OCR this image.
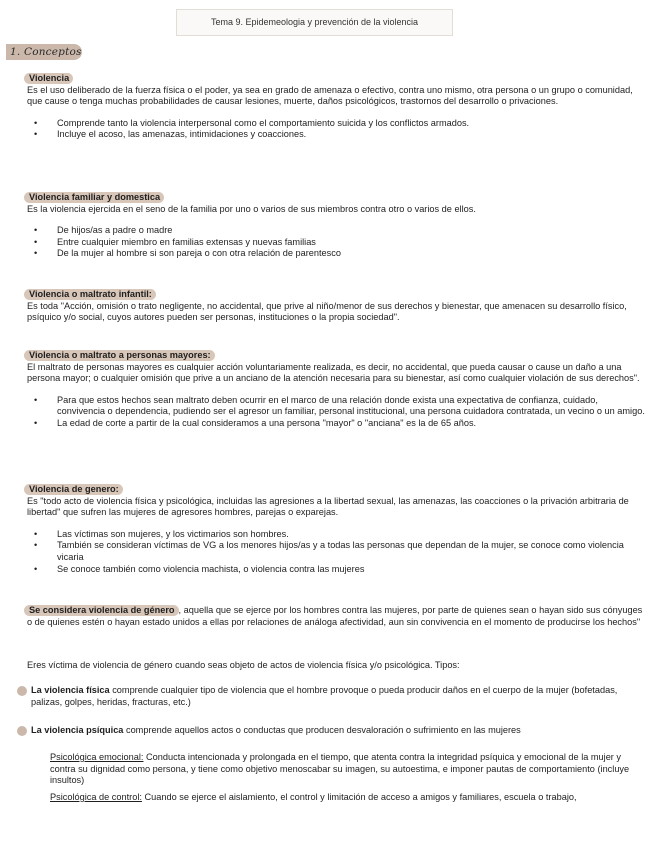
Tema 9. Epidemeologia y prevención de la violencia
1. Conceptos
Violencia

Es el uso deliberado de la fuerza física o el poder, ya sea en grado de amenaza o efectivo, contra uno mismo, otra persona o un grupo o comunidad, que cause o tenga muchas probabilidades de causar lesiones, muerte, daños psicológicos, trastornos del desarrollo o privaciones.

• Comprende tanto la violencia interpersonal como el comportamiento suicida y los conflictos armados.
• Incluye el acoso, las amenazas, intimidaciones y coacciones.
Violencia familiar y domestica

Es la violencia ejercida en el seno de la familia por uno o varios de sus miembros contra otro o varios de ellos.

• De hijos/as a padre o madre
• Entre cualquier miembro en familias extensas y nuevas familias
• De la mujer al hombre si son pareja o con otra relación de parentesco
Violencia o maltrato infantil:

Es toda "Acción, omisión o trato negligente, no accidental, que prive al niño/menor de sus derechos y bienestar, que amenacen su desarrollo físico, psíquico y/o social, cuyos autores pueden ser personas, instituciones o la propia sociedad".

Violencia o maltrato a personas mayores:

El maltrato de personas mayores es cualquier acción voluntariamente realizada, es decir, no accidental, que pueda causar o cause un daño a una persona mayor; o cualquier omisión que prive a un anciano de la atención necesaria para su bienestar, así como cualquier violación de sus derechos".

• Para que estos hechos sean maltrato deben ocurrir en el marco de una relación donde exista una expectativa de confianza, cuidado, convivencia o dependencia, pudiendo ser el agresor un familiar, personal institucional, una persona cuidadora contratada, un vecino o un amigo.
• La edad de corte a partir de la cual consideramos a una persona "mayor" o "anciana" es la de 65 años.
Violencia de genero:

Es "todo acto de violencia física y psicológica, incluidas las agresiones a la libertad sexual, las amenazas, las coacciones o la privación arbitraria de libertad" que sufren las mujeres de agresores hombres, parejas o exparejas.

• Las víctimas son mujeres, y los victimarios son hombres.
• También se consideran víctimas de VG a los menores hijos/as y a todas las personas que dependan de la mujer, se conoce como violencia vicaria
• Se conoce también como violencia machista, o violencia contra las mujeres

Se considera violencia de género , aquella que se ejerce por los hombres contra las mujeres, por parte de quienes sean o hayan sido sus cónyuges o de quienes estén o hayan estado unidos a ellas por relaciones de análoga afectividad, aun sin convivencia en el momento de producirse los hechos"

Eres víctima de violencia de género cuando seas objeto de actos de violencia física y/o psicológica. Tipos:

La violencia física comprende cualquier tipo de violencia que el hombre provoque o pueda producir daños en el cuerpo de la mujer (bofetadas, palizas, golpes, heridas, fracturas, etc.)

La violencia psíquica comprende aquellos actos o conductas que producen desvaloración o sufrimiento en las mujeres

Psicológica emocional: Conducta intencionada y prolongada en el tiempo, que atenta contra la integridad psíquica y emocional de la mujer y contra su dignidad como persona, y tiene como objetivo menoscabar su imagen, su autoestima, e imponer pautas de comportamiento (incluye insultos)

Psicológica de control: Cuando se ejerce el aislamiento, el control y limitación de acceso a amigos y familiares, escuela o trabajo,
